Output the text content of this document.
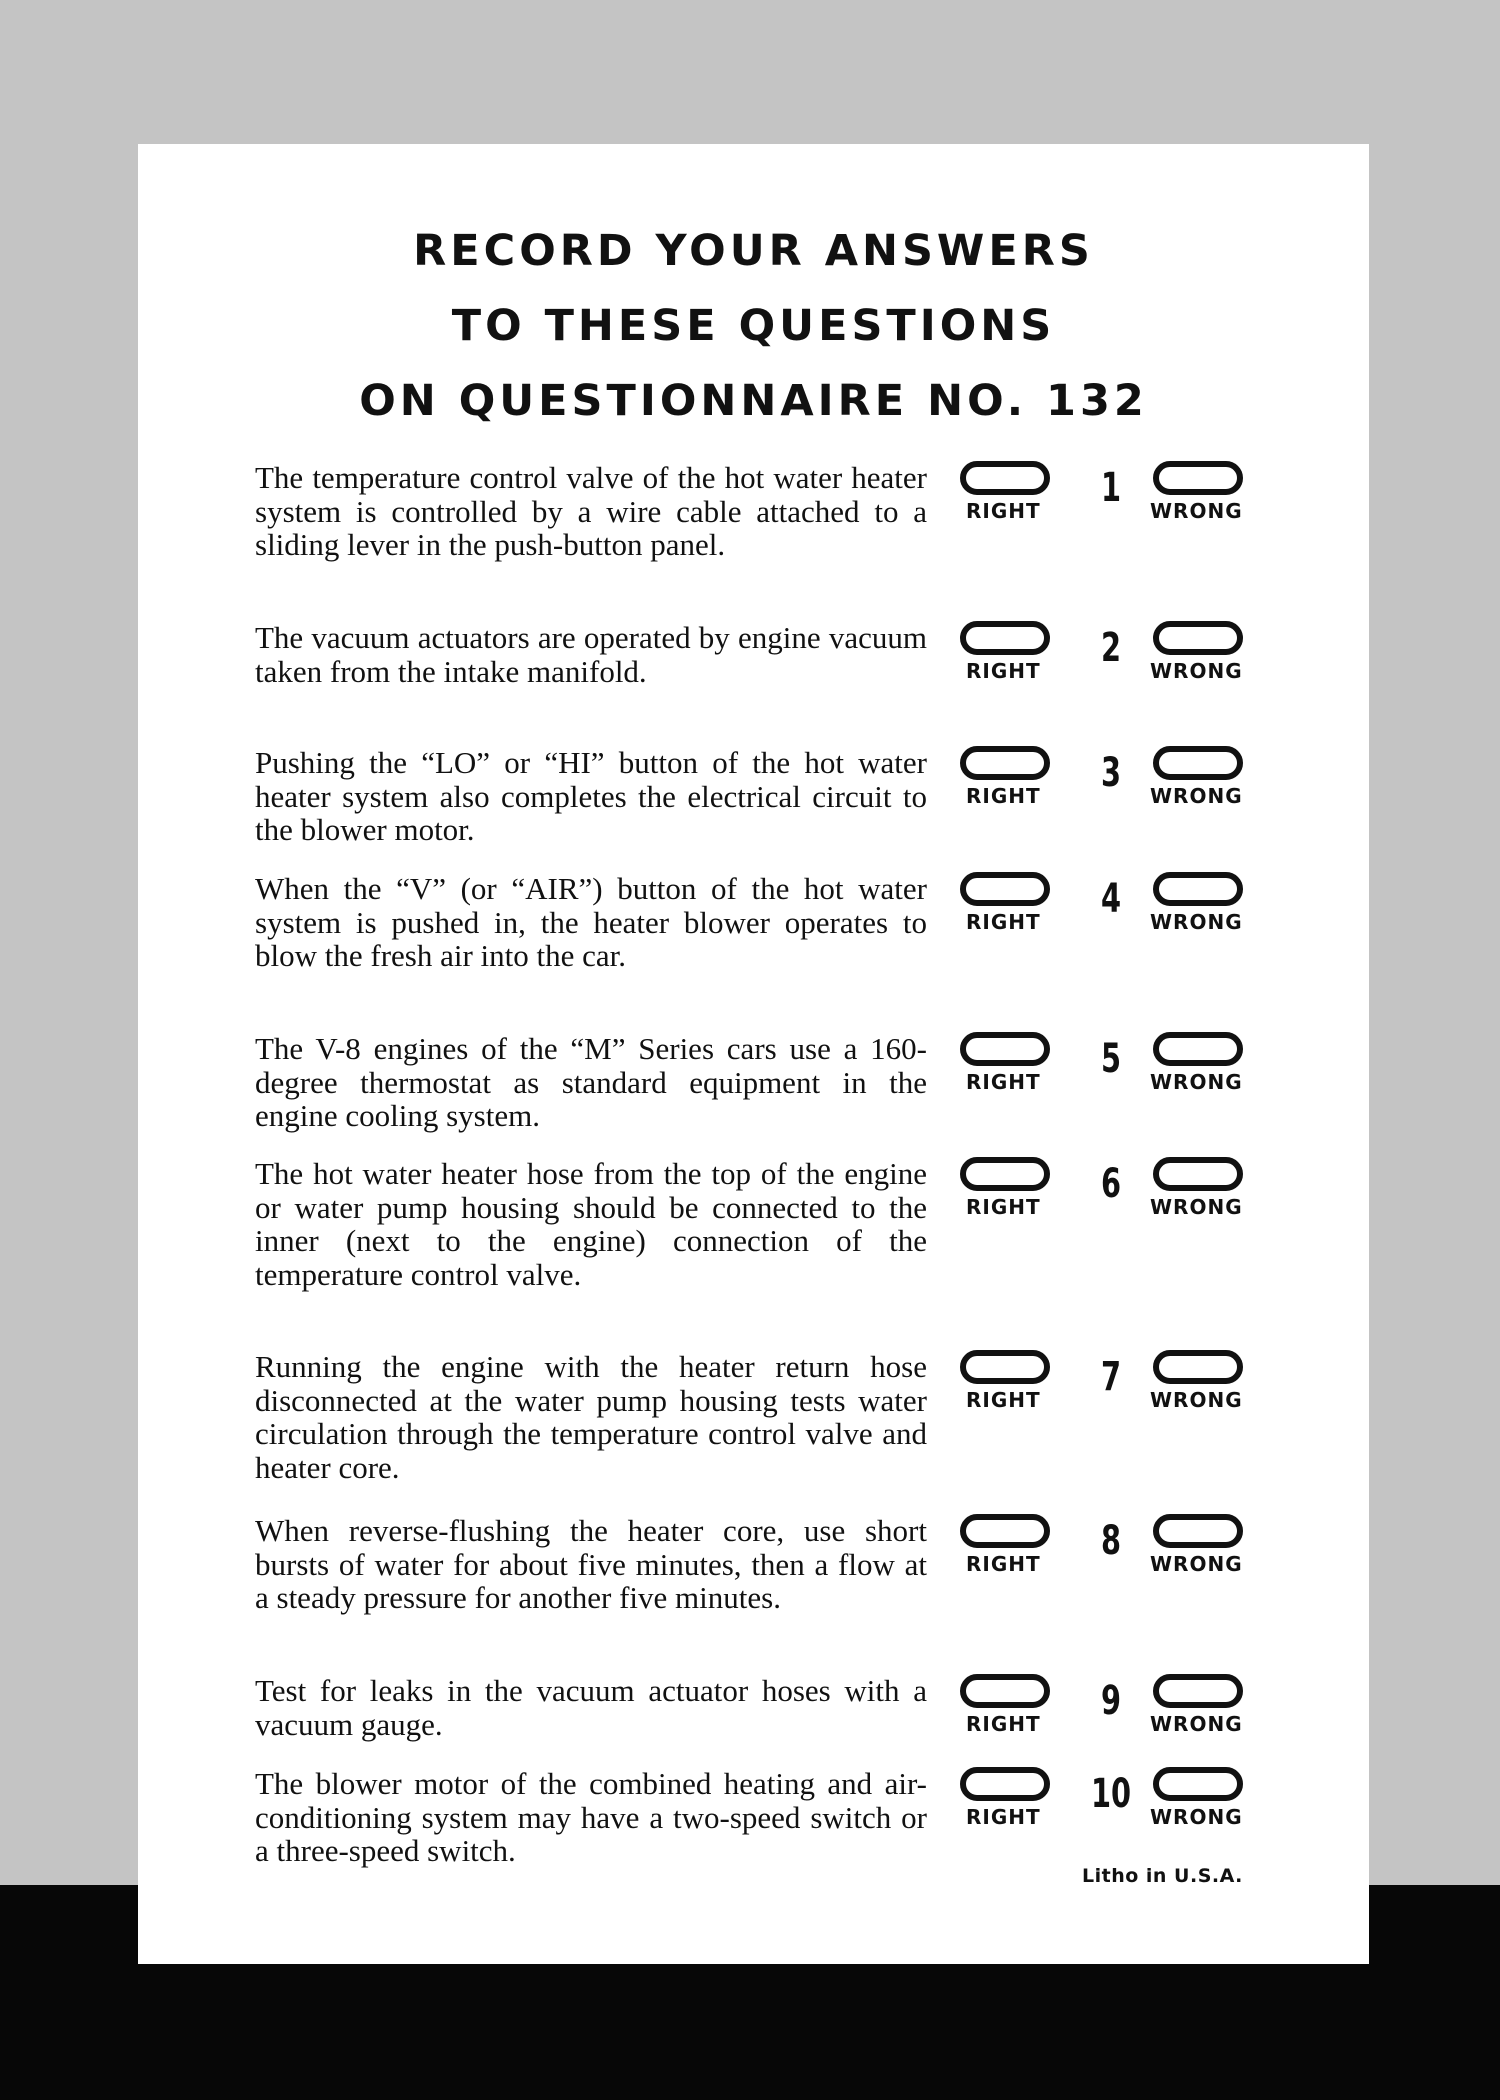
RECORD YOUR ANSWERS
TO THESE QUESTIONS
ON QUESTIONNAIRE NO. 132
The temperature control valve of the hot water heater system is controlled by a wire cable attached to a sliding lever in the push-button panel.
RIGHT	1	WRONG
The vacuum actuators are operated by engine vacuum taken from the intake manifold.	RIGHT	2	WRONG
Pushing the “LO” or “HI” button of the hot water heater system also completes the electrical circuit to the blower motor.
RIGHT	3	WRONG
When the “V” (or “AIR”) button of the hot water system is pushed in, the heater blower operates to blow the fresh air into the car.
RIGHT	4	WRONG
The V-8 engines of the “M” Series cars use a 160-degree thermostat as standard equipment in the engine cooling system.
RIGHT	5	WRONG
The hot water heater hose from the top of the engine or water pump housing should be connected to the inner (next to the engine) connection of the temperature control valve.
RIGHT	6	WRONG
Running the engine with the heater return hose disconnected at the water pump housing tests water circulation through the temperature control valve and heater core.
RIGHT	7	WRONG
When reverse-flushing the heater core, use short bursts of water for about five minutes, then a flow at a steady pressure for another five minutes.
RIGHT	8	WRONG
Test for leaks in the vacuum actuator hoses with a vacuum gauge.	RIGHT	9	WRONG
The blower motor of the combined heating and air-conditioning system may have a two-speed switch or a three-speed switch.
RIGHT 10 WRONG
Litho in U.S.A.
